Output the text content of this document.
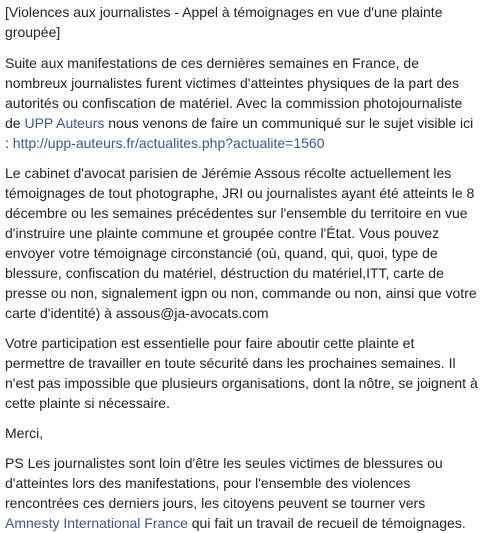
[Violences aux journalistes - Appel à témoignages en vue d'une plainte groupée]

Suite aux manifestations de ces dernières semaines en France, de nombreux journalistes furent victimes d'atteintes physiques de la part des autorités ou confiscation de matériel. Avec la commission photojournaliste de UPP Auteurs nous venons de faire un communiqué sur le sujet visible ici : http://upp-auteurs.fr/actualites.php?actualite=1560

Le cabinet d'avocat parisien de Jérémie Assous récolte actuellement les témoignages de tout photographe, JRI ou journalistes ayant été atteints le 8 décembre ou les semaines précédentes sur l'ensemble du territoire en vue d'instruire une plainte commune et groupée contre l'État. Vous pouvez envoyer votre témoignage circonstancié (où, quand, qui, quoi, type de blessure, confiscation du matériel, déstruction du matériel,ITT, carte de presse ou non, signalement igpn ou non, commande ou non, ainsi que votre carte d'identité) à assous@ja-avocats.com

Votre participation est essentielle pour faire aboutir cette plainte et permettre de travailler en toute sécurité dans les prochaines semaines. Il n'est pas impossible que plusieurs organisations, dont la nôtre, se joignent à cette plainte si nécessaire.

Merci,

PS Les journalistes sont loin d'être les seules victimes de blessures ou d'atteintes lors des manifestations, pour l'ensemble des violences rencontrées ces derniers jours, les citoyens peuvent se tourner vers Amnesty International France qui fait un travail de recueil de témoignages.
